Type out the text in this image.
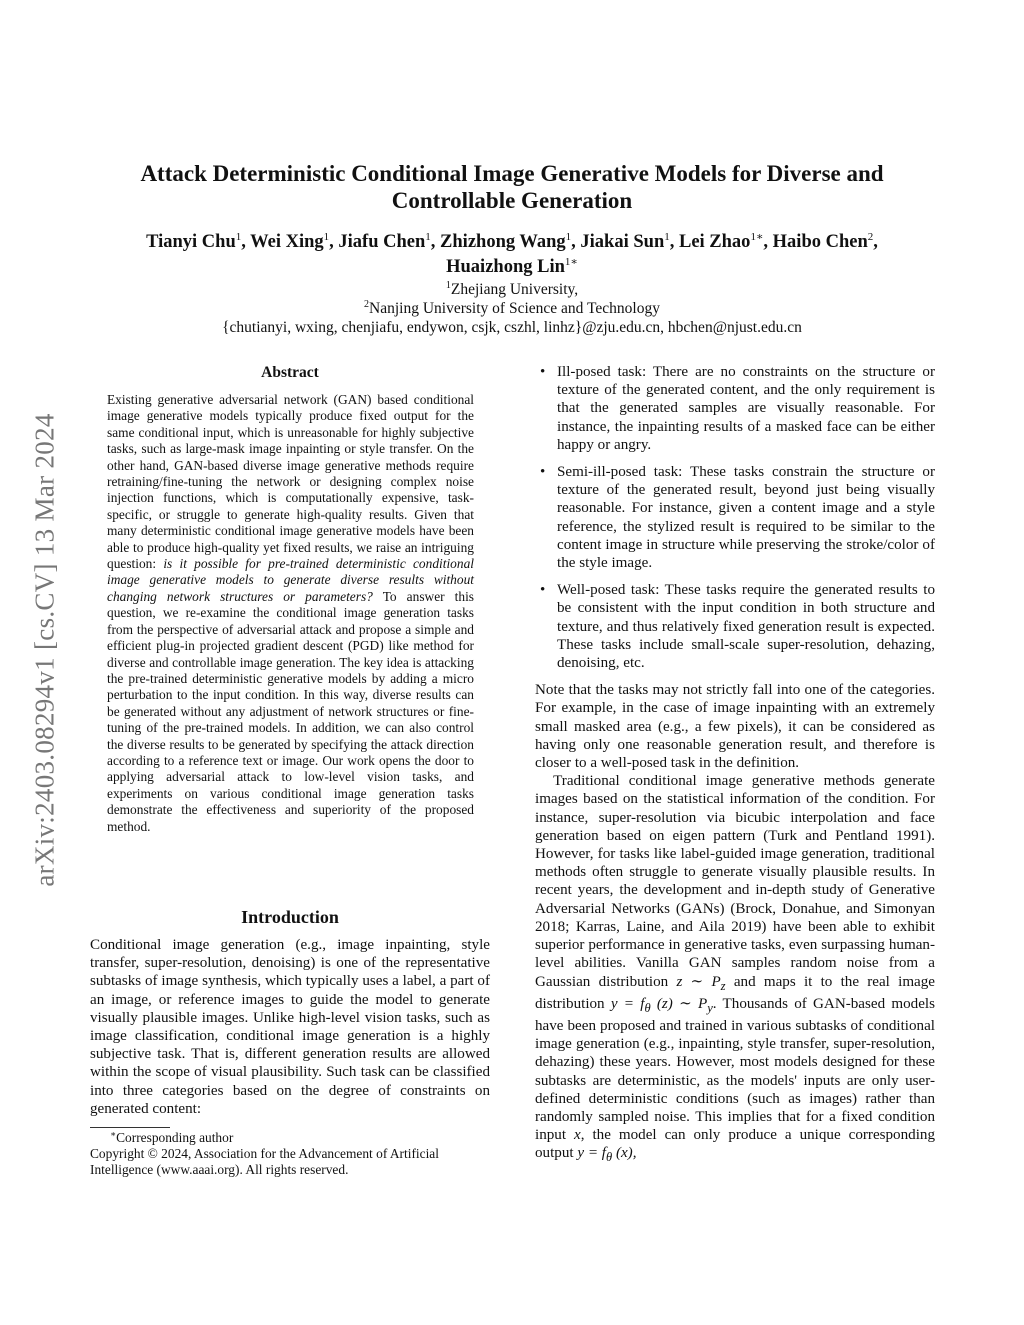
arXiv:2403.08294v1 [cs.CV] 13 Mar 2024
Attack Deterministic Conditional Image Generative Models for Diverse and Controllable Generation
Tianyi Chu$^1$, Wei Xing$^1$, Jiafu Chen$^1$, Zhizhong Wang$^1$, Jiakai Sun$^1$, Lei Zhao$^{1∗}$, Haibo Chen$^2$,
Huaizhong Lin$^{1∗}$
$^1$Zhejiang University,
$^2$Nanjing University of Science and Technology
{chutianyi, wxing, chenjiafu, endywon, csjk, cszhl, linhz}@zju.edu.cn, hbchen@njust.edu.cn
Abstract
Existing generative adversarial network (GAN) based conditional image generative models typically produce fixed output for the same conditional input, which is unreasonable for highly subjective tasks, such as large-mask image inpainting or style transfer. On the other hand, GAN-based diverse image generative methods require retraining/fine-tuning the network or designing complex noise injection functions, which is computationally expensive, task-specific, or struggle to generate high-quality results. Given that many deterministic conditional image generative models have been able to produce high-quality yet fixed results, we raise an intriguing question: is it possible for pre-trained deterministic conditional image generative models to generate diverse results without changing network structures or parameters? To answer this question, we re-examine the conditional image generation tasks from the perspective of adversarial attack and propose a simple and efficient plug-in projected gradient descent (PGD) like method for diverse and controllable image generation. The key idea is attacking the pre-trained deterministic generative models by adding a micro perturbation to the input condition. In this way, diverse results can be generated without any adjustment of network structures or fine-tuning of the pre-trained models. In addition, we can also control the diverse results to be generated by specifying the attack direction according to a reference text or image. Our work opens the door to applying adversarial attack to low-level vision tasks, and experiments on various conditional image generation tasks demonstrate the effectiveness and superiority of the proposed method.
Introduction
Conditional image generation (e.g., image inpainting, style transfer, super-resolution, denoising) is one of the representative subtasks of image synthesis, which typically uses a label, a part of an image, or reference images to guide the model to generate visually plausible images. Unlike high-level vision tasks, such as image classification, conditional image generation is a highly subjective task. That is, different generation results are allowed within the scope of visual plausibility. Such task can be classified into three categories based on the degree of constraints on generated content:
∗Corresponding author
Copyright © 2024, Association for the Advancement of Artificial Intelligence (www.aaai.org). All rights reserved.
• Ill-posed task: There are no constraints on the structure or texture of the generated content, and the only requirement is that the generated samples are visually reasonable. For instance, the inpainting results of a masked face can be either happy or angry.
• Semi-ill-posed task: These tasks constrain the structure or texture of the generated result, beyond just being visually reasonable. For instance, given a content image and a style reference, the stylized result is required to be similar to the content image in structure while preserving the stroke/color of the style image.
• Well-posed task: These tasks require the generated results to be consistent with the input condition in both structure and texture, and thus relatively fixed generation result is expected. These tasks include small-scale super-resolution, dehazing, denoising, etc.

Note that the tasks may not strictly fall into one of the categories. For example, in the case of image inpainting with an extremely small masked area (e.g., a few pixels), it can be considered as having only one reasonable generation result, and therefore is closer to a well-posed task in the definition.

Traditional conditional image generative methods generate images based on the statistical information of the condition. For instance, super-resolution via bicubic interpolation and face generation based on eigen pattern (Turk and Pentland 1991). However, for tasks like label-guided image generation, traditional methods often struggle to generate visually plausible results. In recent years, the development and in-depth study of Generative Adversarial Networks (GANs) (Brock, Donahue, and Simonyan 2018; Karras, Laine, and Aila 2019) have been able to exhibit superior performance in generative tasks, even surpassing human-level abilities. Vanilla GAN samples random noise from a Gaussian distribution z ∼ $P_z$ and maps it to the real image distribution $y = f_\theta$ (z) ∼ $P_y$. Thousands of GAN-based models have been proposed and trained in various subtasks of conditional image generation (e.g., inpainting, style transfer, super-resolution, dehazing) these years. However, most models designed for these subtasks are deterministic, as the models' inputs are only user-defined deterministic conditions (such as images) rather than randomly sampled noise. This implies that for a fixed condition input x, the model can only produce a unique corresponding output $y = f_\theta$ (x),
